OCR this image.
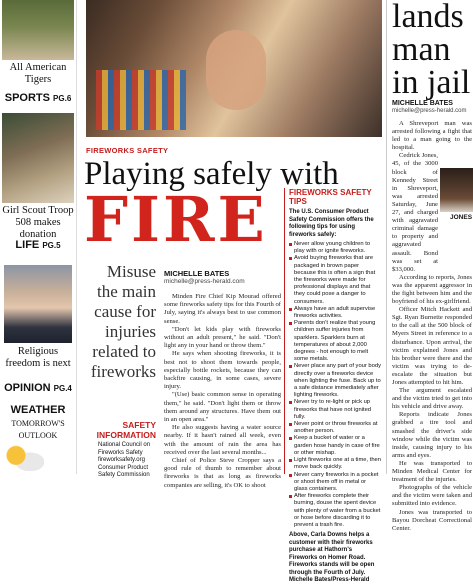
All American Tigers
SPORTS PG.6
Girl Scout Troop 508 makes donation
LIFE PG.5
Religious freedom is next
OPINION PG.4
WEATHER
TOMORROW'S OUTLOOK
FIREWORKS SAFETY
Playing safely with
FIRE
Misuse the main cause for injuries related to fireworks
MICHELLE BATES
michelle@press-herald.com

Minden Fire Chief Kip Mourad offered some fireworks safety tips for this Fourth of July, saying it's always best to use common sense.

"Don't let kids play with fireworks without an adult present," he said. "Don't light any in your hand or throw them."

He says when shooting fireworks, it is best not to shoot them towards people, especially bottle rockets, because they can backfire causing, in some cases, severe injury.

"(Use) basic common sense in operating them," he said. "Don't light them or throw them around any structures. Have them out in an open area."

He also suggests having a water source nearby. If it hasn't rained all week, even with the amount of rain the area has received over the last several months...

Chief of Police Steve Cropper says a good rule of thumb to remember about fireworks is that as long as fireworks companies are selling, it's OK to shoot

SAFETY INFORMATION
National Council on Fireworks Safety
fireworksafety.org
Consumer Product Safety Commission
FIREWORKS SAFETY TIPS
The U.S. Consumer Product Safety Commission offers the following tips for using fireworks safely:
Never allow young children to play with or ignite fireworks.
Avoid buying fireworks that are packaged in brown paper because this is often a sign that the fireworks were made for professional displays and that they could pose a danger to consumers.
Always have an adult supervise fireworks activities.
Parents don't realize that young children suffer injuries from sparklers. Sparklers burn at temperatures of about 2,000 degrees - hot enough to melt some metals.
Never place any part of your body directly over a fireworks device when lighting the fuse. Back up to a safe distance immediately after lighting fireworks.
Never try to re-light or pick up fireworks that have not ignited fully.
Never point or throw fireworks at another person.
Keep a bucket of water or a garden hose handy in case of fire or other mishap.
Light fireworks one at a time, then move back quickly.
Never carry fireworks in a pocket or shoot them off in metal or glass containers.
After fireworks complete their burning, douse the spent device with plenty of water from a bucket or hose before discarding it to prevent a trash fire.
Above, Carla Downs helps a customer with their fireworks purchase at Hathorn's Fireworks on Homer Road. Fireworks stands will be open through the Fourth of July. Michelle Bates/Press-Herald
lands man in jail
MICHELLE BATES
michelle@press-herald.com

A Shreveport man was arrested following a fight that led to a man going to the hospital.

Cedrick Jones, 45, of the 3000 block of Kennedy Street in Shreveport, was arrested Saturday, June 27, and charged with aggravated criminal damage to property and aggravated assault. Bond was set at $33,000.

According to reports, Jones was the apparent aggressor in the fight between him and the boyfriend of his ex-girlfriend.

Officer Mitch Hackett and Sgt. Ryan Burnette responded to the call at the 500 block of Myers Street in reference to a disturbance. Upon arrival, the victim explained Jones and his brother were there and the victim was trying to de-escalate the situation but Jones attempted to hit him.

The argument escalated and the victim tried to get into his vehicle and drive away.

Reports indicate Jones grabbed a tire tool and smashed the driver's side window while the victim was inside, causing injury to his arms and eyes.

He was transported to Minden Medical Center for treatment of the injuries.

Photographs of the vehicle and the victim were taken and submitted into evidence.

Jones was transported to Bayou Dorcheat Correctional Center.

JONES
